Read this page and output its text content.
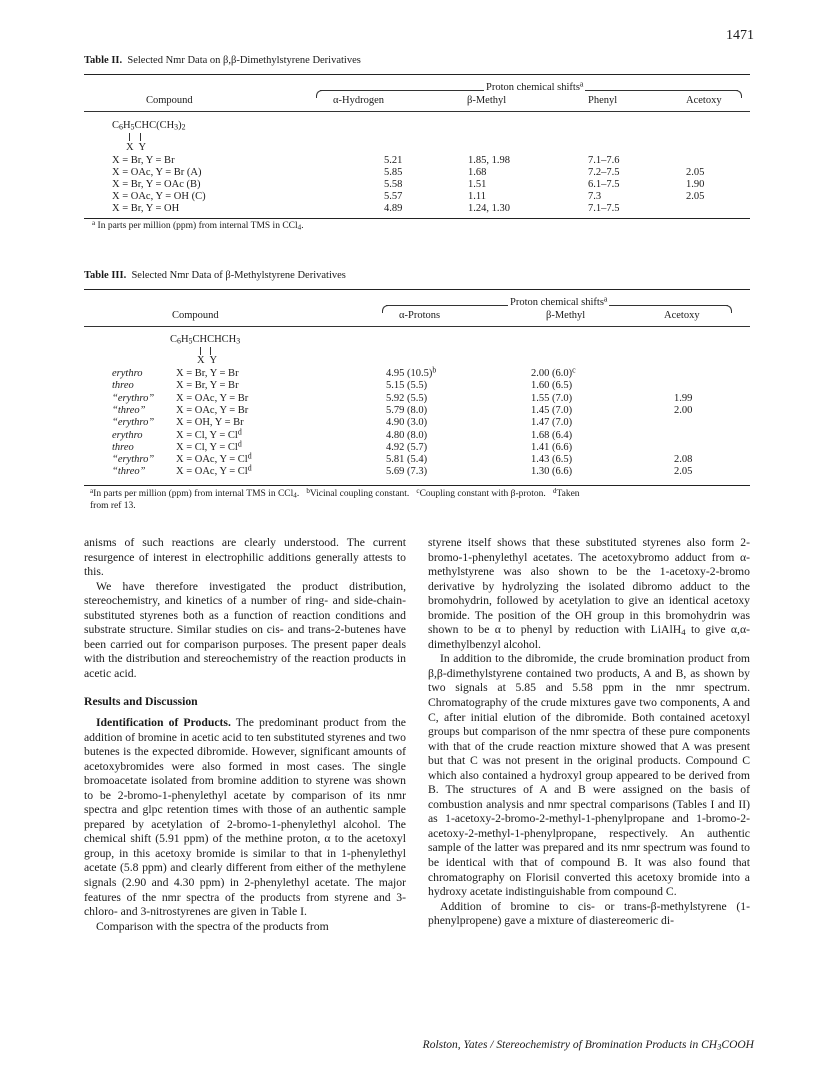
1471
Table II. Selected Nmr Data on β,β-Dimethylstyrene Derivatives
Proton chemical shifts$^a$
Compound	α-Hydrogen	β-Methyl	Phenyl	Acetoxy
$C_6H_5CHC(CH_3)_2$
X  Y
X = Br, Y = Br	5.21	1.85, 1.98	7.1–7.6
X = OAc, Y = Br (A)	5.85	1.68	7.2–7.5	2.05
X = Br, Y = OAc (B)	5.58	1.51	6.1–7.5	1.90
X = OAc, Y = OH (C)	5.57	1.11	7.3	2.05
X = Br, Y = OH	4.89	1.24, 1.30	7.1–7.5
$^a$ In parts per million (ppm) from internal TMS in CCl$_4$.
Table III. Selected Nmr Data of β-Methylstyrene Derivatives
Proton chemical shifts$^a$
Compound	α-Protons	β-Methyl	Acetoxy
$C_6H_5CHCHCH_3$
X  Y
erythro	X = Br, Y = Br	4.95 $(10.5)^b$	2.00 $(6.0)^c$
threo	X = Br, Y = Br	5.15 (5.5)	1.60 (6.5)
“erythro” X = OAc, Y = Br	5.92 (5.5)	1.55 (7.0)	1.99
“threo”	X = OAc, Y = Br	5.79 (8.0)	1.45 (7.0)	2.00
“erythro” X = OH, Y = Br	4.90 (3.0)	1.47 (7.0)
erythro	X = Cl, $Y = Cl^d$	4.80 (8.0)	1.68 (6.4)
threo	X = Cl, $Y = Cl^d$	4.92 (5.7)	1.41 (6.6)
“erythro” X = OAc, $Y = Cl^d$	5.81 (5.4)	1.43 (6.5)	2.08
“threo”	X = OAc, $Y = Cl^d$	5.69 (7.3)	1.30 (6.6)	2.05
$^a$In parts per million (ppm) from internal TMS in CCl$_4$. $^b$Vicinal coupling constant. $^c$Coupling constant with β-proton. $^d$Taken
from ref 13.

anisms of such reactions are clearly understood. The current resurgence of interest in electrophilic additions generally attests to this.

We have therefore investigated the product distribution, stereochemistry, and kinetics of a number of ring- and side-chain-substituted styrenes both as a function of reaction conditions and substrate structure. Similar studies on cis- and trans-2-butenes have been carried out for comparison purposes. The present paper deals with the distribution and stereochemistry of the reaction products in acetic acid.

Results and Discussion

Identification of Products. The predominant product from the addition of bromine in acetic acid to ten substituted styrenes and two butenes is the expected dibromide. However, significant amounts of acetoxybromides were also formed in most cases. The single bromoacetate isolated from bromine addition to styrene was shown to be 2-bromo-1-phenylethyl acetate by comparison of its nmr spectra and glpc retention times with those of an authentic sample prepared by acetylation of 2-bromo-1-phenylethyl alcohol. The chemical shift (5.91 ppm) of the methine proton, α to the acetoxyl group, in this acetoxy bromide is similar to that in 1-phenylethyl acetate (5.8 ppm) and clearly different from either of the methylene signals (2.90 and 4.30 ppm) in 2-phenylethyl acetate. The major features of the nmr spectra of the products from styrene and 3-chloro- and 3-nitrostyrenes are given in Table I.

Comparison with the spectra of the products from

styrene itself shows that these substituted styrenes also form 2-bromo-1-phenylethyl acetates. The acetoxybromo adduct from α-methylstyrene was also shown to be the 1-acetoxy-2-bromo derivative by hydrolyzing the isolated dibromo adduct to the bromohydrin, followed by acetylation to give an identical acetoxy bromide. The position of the OH group in this bromohydrin was shown to be α to phenyl by reduction with LiAlH$_4$ to give α,α-dimethylbenzyl alcohol.

In addition to the dibromide, the crude bromination product from β,β-dimethylstyrene contained two products, A and B, as shown by two signals at 5.85 and 5.58 ppm in the nmr spectrum. Chromatography of the crude mixtures gave two components, A and C, after initial elution of the dibromide. Both contained acetoxyl groups but comparison of the nmr spectra of these pure components with that of the crude reaction mixture showed that A was present but that C was not present in the original products. Compound C which also contained a hydroxyl group appeared to be derived from B. The structures of A and B were assigned on the basis of combustion analysis and nmr spectral comparisons (Tables I and II) as 1-acetoxy-2-bromo-2-methyl-1-phenylpropane and 1-bromo-2-acetoxy-2-methyl-1-phenylpropane, respectively. An authentic sample of the latter was prepared and its nmr spectrum was found to be identical with that of compound B. It was also found that chromatography on Florisil converted this acetoxy bromide into a hydroxy acetate indistinguishable from compound C.

Addition of bromine to cis- or trans-β-methylstyrene (1-phenylpropene) gave a mixture of diastereomeric di-

Rolston, Yates / Stereochemistry of Bromination Products in $CH_3COOH$
